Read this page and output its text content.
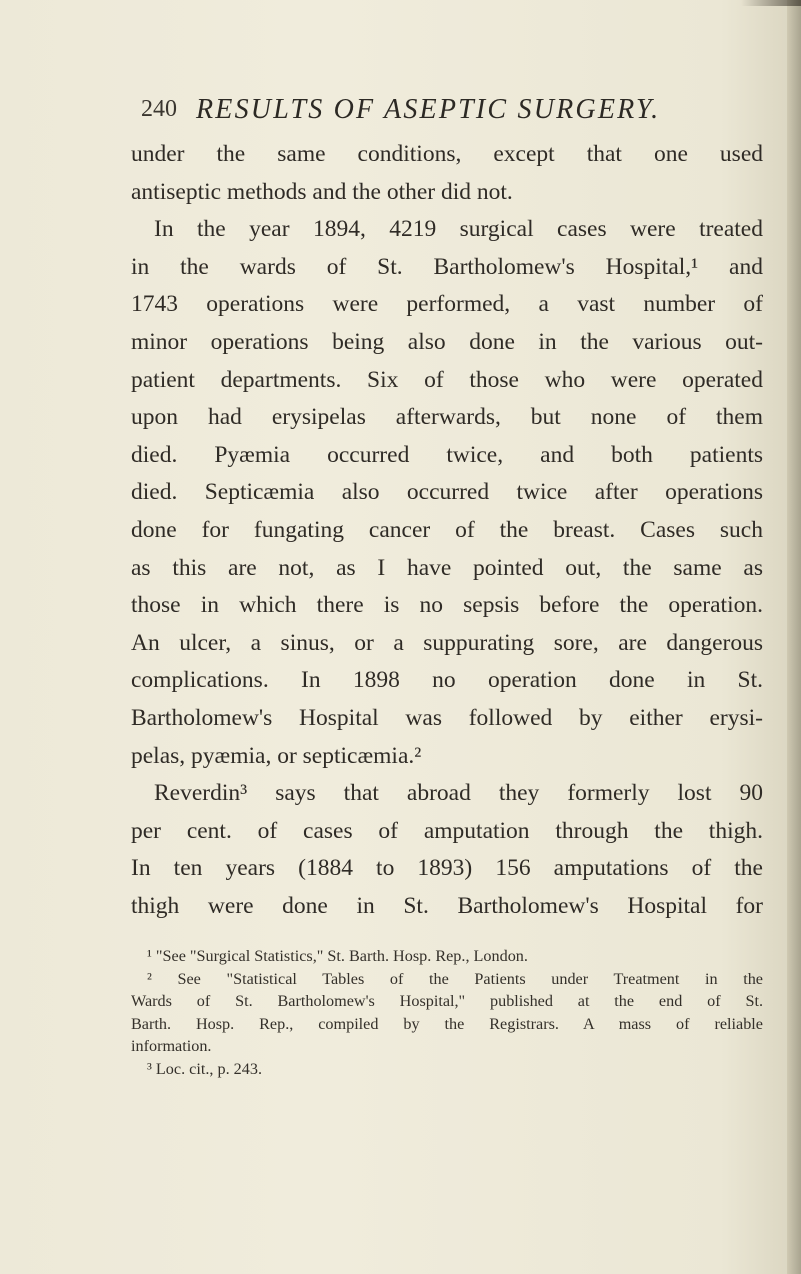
240 RESULTS OF ASEPTIC SURGERY.
under the same conditions, except that one used
antiseptic methods and the other did not.
In the year 1894, 4219 surgical cases were treated
in the wards of St. Bartholomew's Hospital,¹ and
1743 operations were performed, a vast number of
minor operations being also done in the various out-
patient departments. Six of those who were operated
upon had erysipelas afterwards, but none of them
died. Pyæmia occurred twice, and both patients
died. Septicæmia also occurred twice after operations
done for fungating cancer of the breast. Cases such
as this are not, as I have pointed out, the same as
those in which there is no sepsis before the operation.
An ulcer, a sinus, or a suppurating sore, are dangerous
complications. In 1898 no operation done in St.
Bartholomew's Hospital was followed by either erysi-
pelas, pyæmia, or septicæmia.²
Reverdin³ says that abroad they formerly lost 90
per cent. of cases of amputation through the thigh.
In ten years (1884 to 1893) 156 amputations of the
thigh were done in St. Bartholomew's Hospital for
¹ "See "Surgical Statistics," St. Barth. Hosp. Rep., London.
² See "Statistical Tables of the Patients under Treatment in the
Wards of St. Bartholomew's Hospital," published at the end of St.
Barth. Hosp. Rep., compiled by the Registrars. A mass of reliable
information.
³ Loc. cit., p. 243.
